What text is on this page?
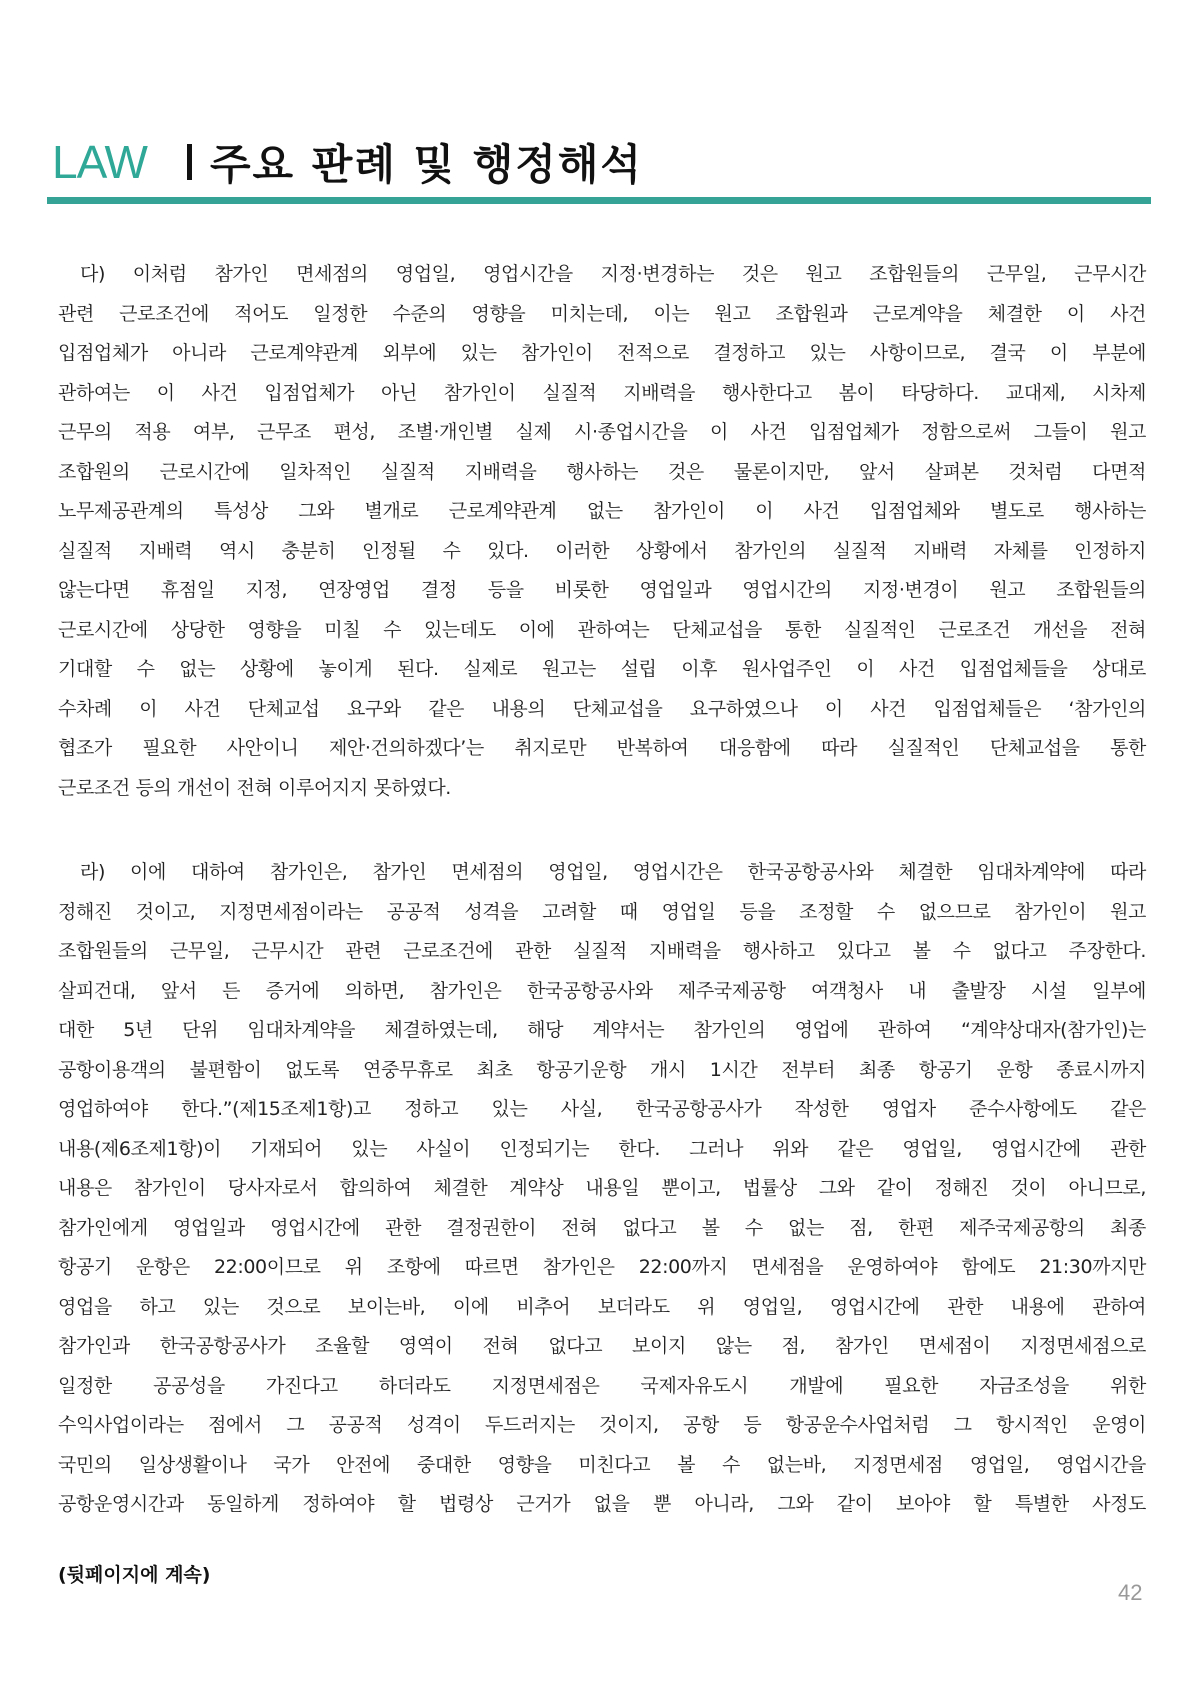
LAW 주요 판례 및 행정해석
다) 이처럼 참가인 면세점의 영업일, 영업시간을 지정·변경하는 것은 원고 조합원들의 근무일, 근무시간
관련 근로조건에 적어도 일정한 수준의 영향을 미치는데, 이는 원고 조합원과 근로계약을 체결한 이 사건
입점업체가 아니라 근로계약관계 외부에 있는 참가인이 전적으로 결정하고 있는 사항이므로, 결국 이 부분에
관하여는 이 사건 입점업체가 아닌 참가인이 실질적 지배력을 행사한다고 봄이 타당하다. 교대제, 시차제
근무의 적용 여부, 근무조 편성, 조별·개인별 실제 시·종업시간을 이 사건 입점업체가 정함으로써 그들이 원고
조합원의 근로시간에 일차적인 실질적 지배력을 행사하는 것은 물론이지만, 앞서 살펴본 것처럼 다면적
노무제공관계의 특성상 그와 별개로 근로계약관계 없는 참가인이 이 사건 입점업체와 별도로 행사하는
실질적 지배력 역시 충분히 인정될 수 있다. 이러한 상황에서 참가인의 실질적 지배력 자체를 인정하지
않는다면 휴점일 지정, 연장영업 결정 등을 비롯한 영업일과 영업시간의 지정·변경이 원고 조합원들의
근로시간에 상당한 영향을 미칠 수 있는데도 이에 관하여는 단체교섭을 통한 실질적인 근로조건 개선을 전혀
기대할 수 없는 상황에 놓이게 된다. 실제로 원고는 설립 이후 원사업주인 이 사건 입점업체들을 상대로
수차례 이 사건 단체교섭 요구와 같은 내용의 단체교섭을 요구하였으나 이 사건 입점업체들은 ‘참가인의
협조가 필요한 사안이니 제안·건의하겠다’는 취지로만 반복하여 대응함에 따라 실질적인 단체교섭을 통한
근로조건 등의 개선이 전혀 이루어지지 못하였다.
라) 이에 대하여 참가인은, 참가인 면세점의 영업일, 영업시간은 한국공항공사와 체결한 임대차계약에 따라
정해진 것이고, 지정면세점이라는 공공적 성격을 고려할 때 영업일 등을 조정할 수 없으므로 참가인이 원고
조합원들의 근무일, 근무시간 관련 근로조건에 관한 실질적 지배력을 행사하고 있다고 볼 수 없다고 주장한다.
살피건대, 앞서 든 증거에 의하면, 참가인은 한국공항공사와 제주국제공항 여객청사 내 출발장 시설 일부에
대한 5년 단위 임대차계약을 체결하였는데, 해당 계약서는 참가인의 영업에 관하여 “계약상대자(참가인)는
공항이용객의 불편함이 없도록 연중무휴로 최초 항공기운항 개시 1시간 전부터 최종 항공기 운항 종료시까지
영업하여야 한다.”(제15조제1항)고 정하고 있는 사실, 한국공항공사가 작성한 영업자 준수사항에도 같은
내용(제6조제1항)이 기재되어 있는 사실이 인정되기는 한다. 그러나 위와 같은 영업일, 영업시간에 관한
내용은 참가인이 당사자로서 합의하여 체결한 계약상 내용일 뿐이고, 법률상 그와 같이 정해진 것이 아니므로,
참가인에게 영업일과 영업시간에 관한 결정권한이 전혀 없다고 볼 수 없는 점, 한편 제주국제공항의 최종
항공기 운항은 22:00이므로 위 조항에 따르면 참가인은 22:00까지 면세점을 운영하여야 함에도 21:30까지만
영업을 하고 있는 것으로 보이는바, 이에 비추어 보더라도 위 영업일, 영업시간에 관한 내용에 관하여
참가인과 한국공항공사가 조율할 영역이 전혀 없다고 보이지 않는 점, 참가인 면세점이 지정면세점으로
일정한 공공성을 가진다고 하더라도 지정면세점은 국제자유도시 개발에 필요한 자금조성을 위한
수익사업이라는 점에서 그 공공적 성격이 두드러지는 것이지, 공항 등 항공운수사업처럼 그 항시적인 운영이
국민의 일상생활이나 국가 안전에 중대한 영향을 미친다고 볼 수 없는바, 지정면세점 영업일, 영업시간을
공항운영시간과 동일하게 정하여야 할 법령상 근거가 없을 뿐 아니라, 그와 같이 보아야 할 특별한 사정도
(뒷페이지에 계속)
42
